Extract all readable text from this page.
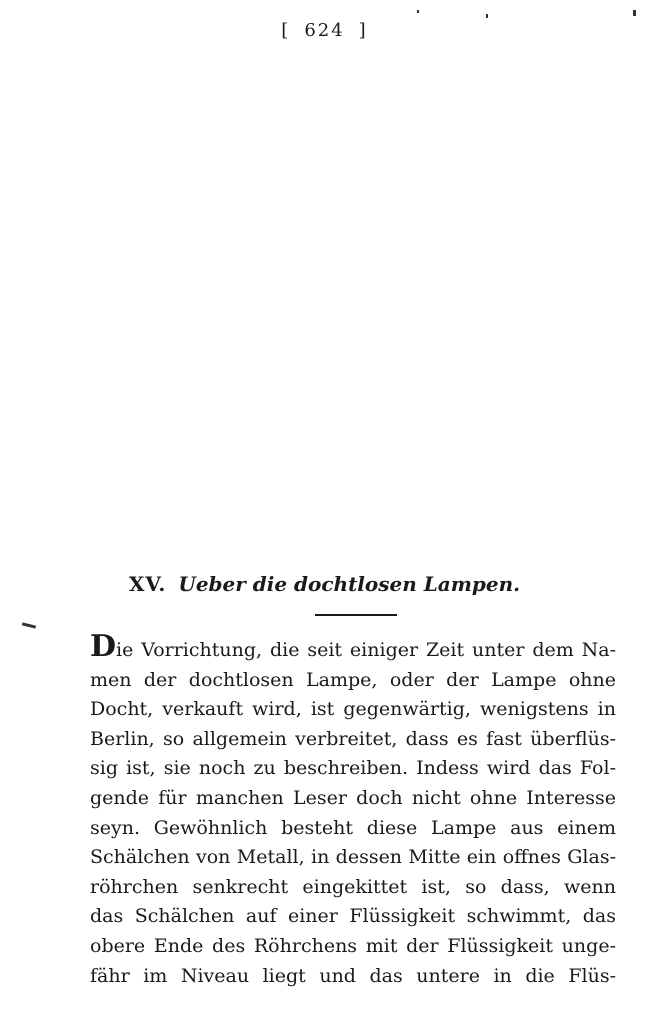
[ 624 ]
XV. Ueber die dochtlosen Lampen.
Die Vorrichtung, die seit einiger Zeit unter dem Na-
men der dochtlosen Lampe, oder der Lampe ohne
Docht, verkauft wird, ist gegenwärtig, wenigstens in
Berlin, so allgemein verbreitet, dass es fast überflüs-
sig ist, sie noch zu beschreiben. Indess wird das Fol-
gende für manchen Leser doch nicht ohne Interesse
seyn. Gewöhnlich besteht diese Lampe aus einem
Schälchen von Metall, in dessen Mitte ein offnes Glas-
röhrchen senkrecht eingekittet ist, so dass, wenn
das Schälchen auf einer Flüssigkeit schwimmt, das
obere Ende des Röhrchens mit der Flüssigkeit unge-
fähr im Niveau liegt und das untere in die Flüs-
